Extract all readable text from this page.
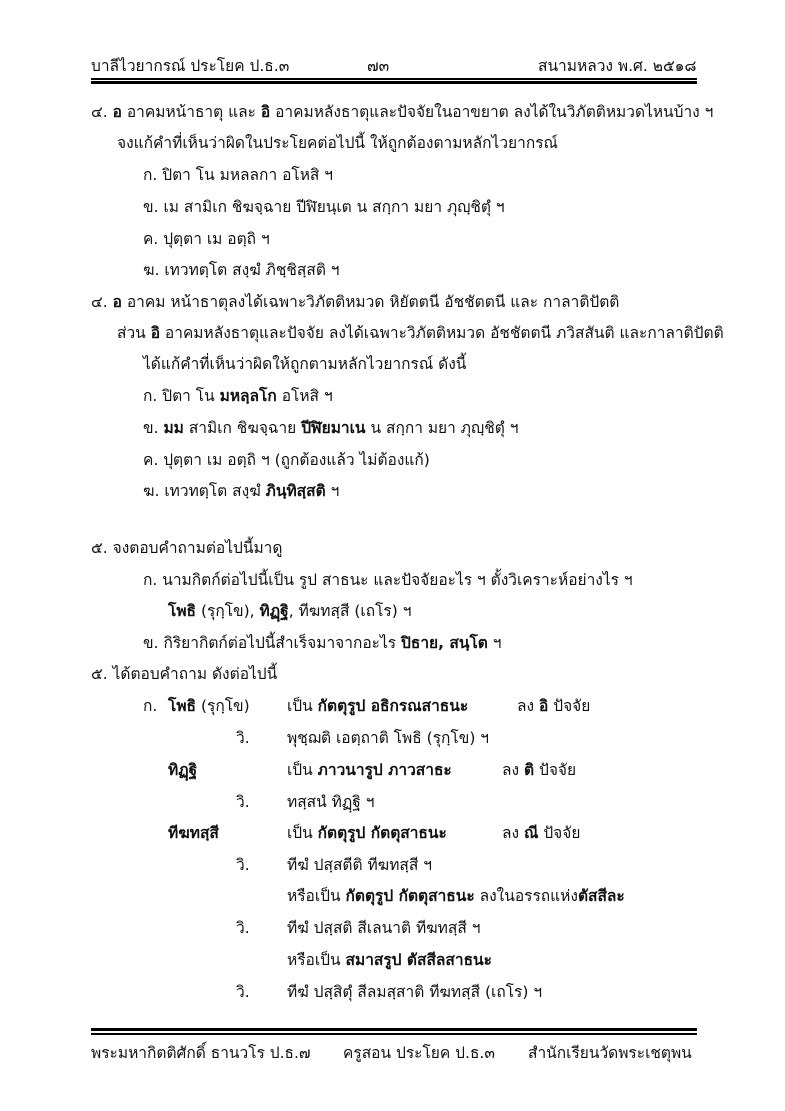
บาลีไวยากรณ์ ประโยค ป.ธ.๓	๗๓	สนามหลวง พ.ศ. ๒๕๑๘
๔. อ อาคมหน้าธาตุ และ อิ อาคมหลังธาตุและปัจจัยในอาขยาต ลงได้ในวิภัตติหมวดไหนบ้าง ฯ
จงแก้คำที่เห็นว่าผิดในประโยคต่อไปนี้ ให้ถูกต้องตามหลักไวยากรณ์
ก. ปิตา โน มหลลกา อโหสิ ฯ
ข. เม สามิเก ชิฆจฺฉาย ปีฬิยนฺเต น สกฺกา มยา ภุญฺชิตุํ ฯ
ค. ปุตฺตา เม อตฺถิ ฯ
ฆ. เทวทตฺโต สงฺฆํ ภิชฺชิสฺสติ ฯ
๔. อ อาคม หน้าธาตุลงได้เฉพาะวิภัตติหมวด หิยัตตนี อัชชัตตนี และ กาลาติปัตติ
ส่วน อิ อาคมหลังธาตุและปัจจัย ลงได้เฉพาะวิภัตติหมวด อัชชัตตนี ภวิสสันติ และกาลาติปัตติ
ได้แก้คำที่เห็นว่าผิดให้ถูกตามหลักไวยากรณ์ ดังนี้
ก. ปิตา โน มหลฺลโก อโหสิ ฯ
ข. มม สามิเก ชิฆจฺฉาย ปีฬิยมาเน น สกฺกา มยา ภุญฺชิตุํ ฯ
ค. ปุตฺตา เม อตฺถิ ฯ (ถูกต้องแล้ว ไม่ต้องแก้)
ฆ. เทวทตฺโต สงฺฆํ ภินฺทิสฺสติ ฯ
๕. จงตอบคำถามต่อไปนี้มาดู
ก. นามกิตก์ต่อไปนี้เป็น รูป สาธนะ และปัจจัยอะไร ฯ ตั้งวิเคราะห์อย่างไร ฯ
โพธิ (รุกฺโข), ทิฏฺฐิ, ทีฆทสฺสี (เถโร) ฯ
ข. กิริยากิตก์ต่อไปนี้สำเร็จมาจากอะไร ปิธาย, สนฺโต ฯ
๕. ได้ตอบคำถาม ดังต่อไปนี้
ก. โพธิ (รุกฺโข) เป็น กัตตุรูป อธิกรณสาธนะ	ลง อิ ปัจจัย
วิ. พุชฺฌติ เอตฺถาติ โพธิ (รุกฺโข) ฯ
ทิฏฺฐิ	เป็น ภาวนารูป ภาวสาธะ	ลง ติ ปัจจัย
วิ. ทสฺสนํ ทิฏฺฐิ ฯ
ทีฆทสฺสี	เป็น กัตตุรูป กัตตุสาธนะ	ลง ณี ปัจจัย
วิ. ทีฆํ ปสฺสตีติ ทีฆทสฺสี ฯ
หรือเป็น กัตตุรูป กัตตุสาธนะ ลงในอรรถแห่งตัสสีละ
วิ. ทีฆํ ปสฺสติ สีเลนาติ ทีฆทสฺสี ฯ
หรือเป็น สมาสรูป ตัสสีลสาธนะ
วิ. ทีฆํ ปสฺสิตุํ สีลมสฺสาติ ทีฆทสฺสี (เถโร) ฯ
พระมหากิตติศักดิ์ ธานวโร ป.ธ.๗ ครูสอน ประโยค ป.ธ.๓ สำนักเรียนวัดพระเชตุพน
